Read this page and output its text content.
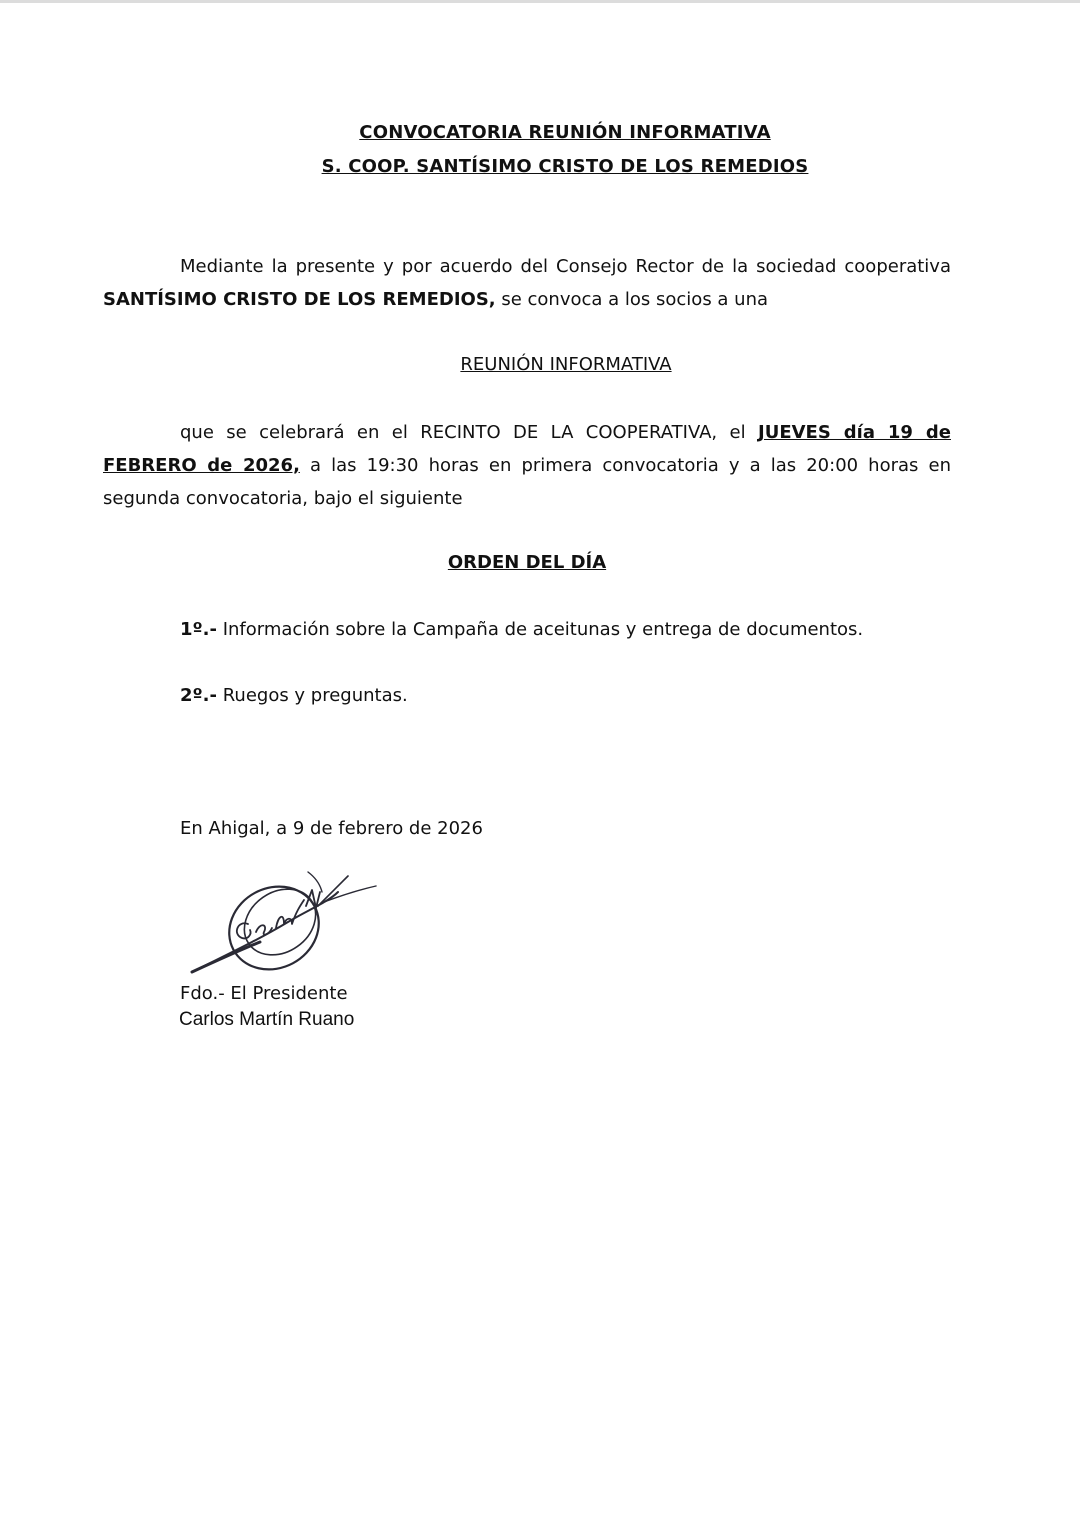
CONVOCATORIA REUNIÓN INFORMATIVA
S. COOP. SANTÍSIMO CRISTO DE LOS REMEDIOS
Mediante la presente y por acuerdo del Consejo Rector de la sociedad cooperativa SANTÍSIMO CRISTO DE LOS REMEDIOS, se convoca a los socios a una
REUNIÓN INFORMATIVA
que se celebrará en el RECINTO DE LA COOPERATIVA, el JUEVES día 19 de FEBRERO de 2026, a las 19:30 horas en primera convocatoria y a las 20:00 horas en segunda convocatoria, bajo el siguiente
ORDEN DEL DÍA
1º.- Información sobre la Campaña de aceitunas y entrega de documentos.
2º.- Ruegos y preguntas.
En Ahigal, a 9 de febrero de 2026
Fdo.- El Presidente
Carlos Martín Ruano
